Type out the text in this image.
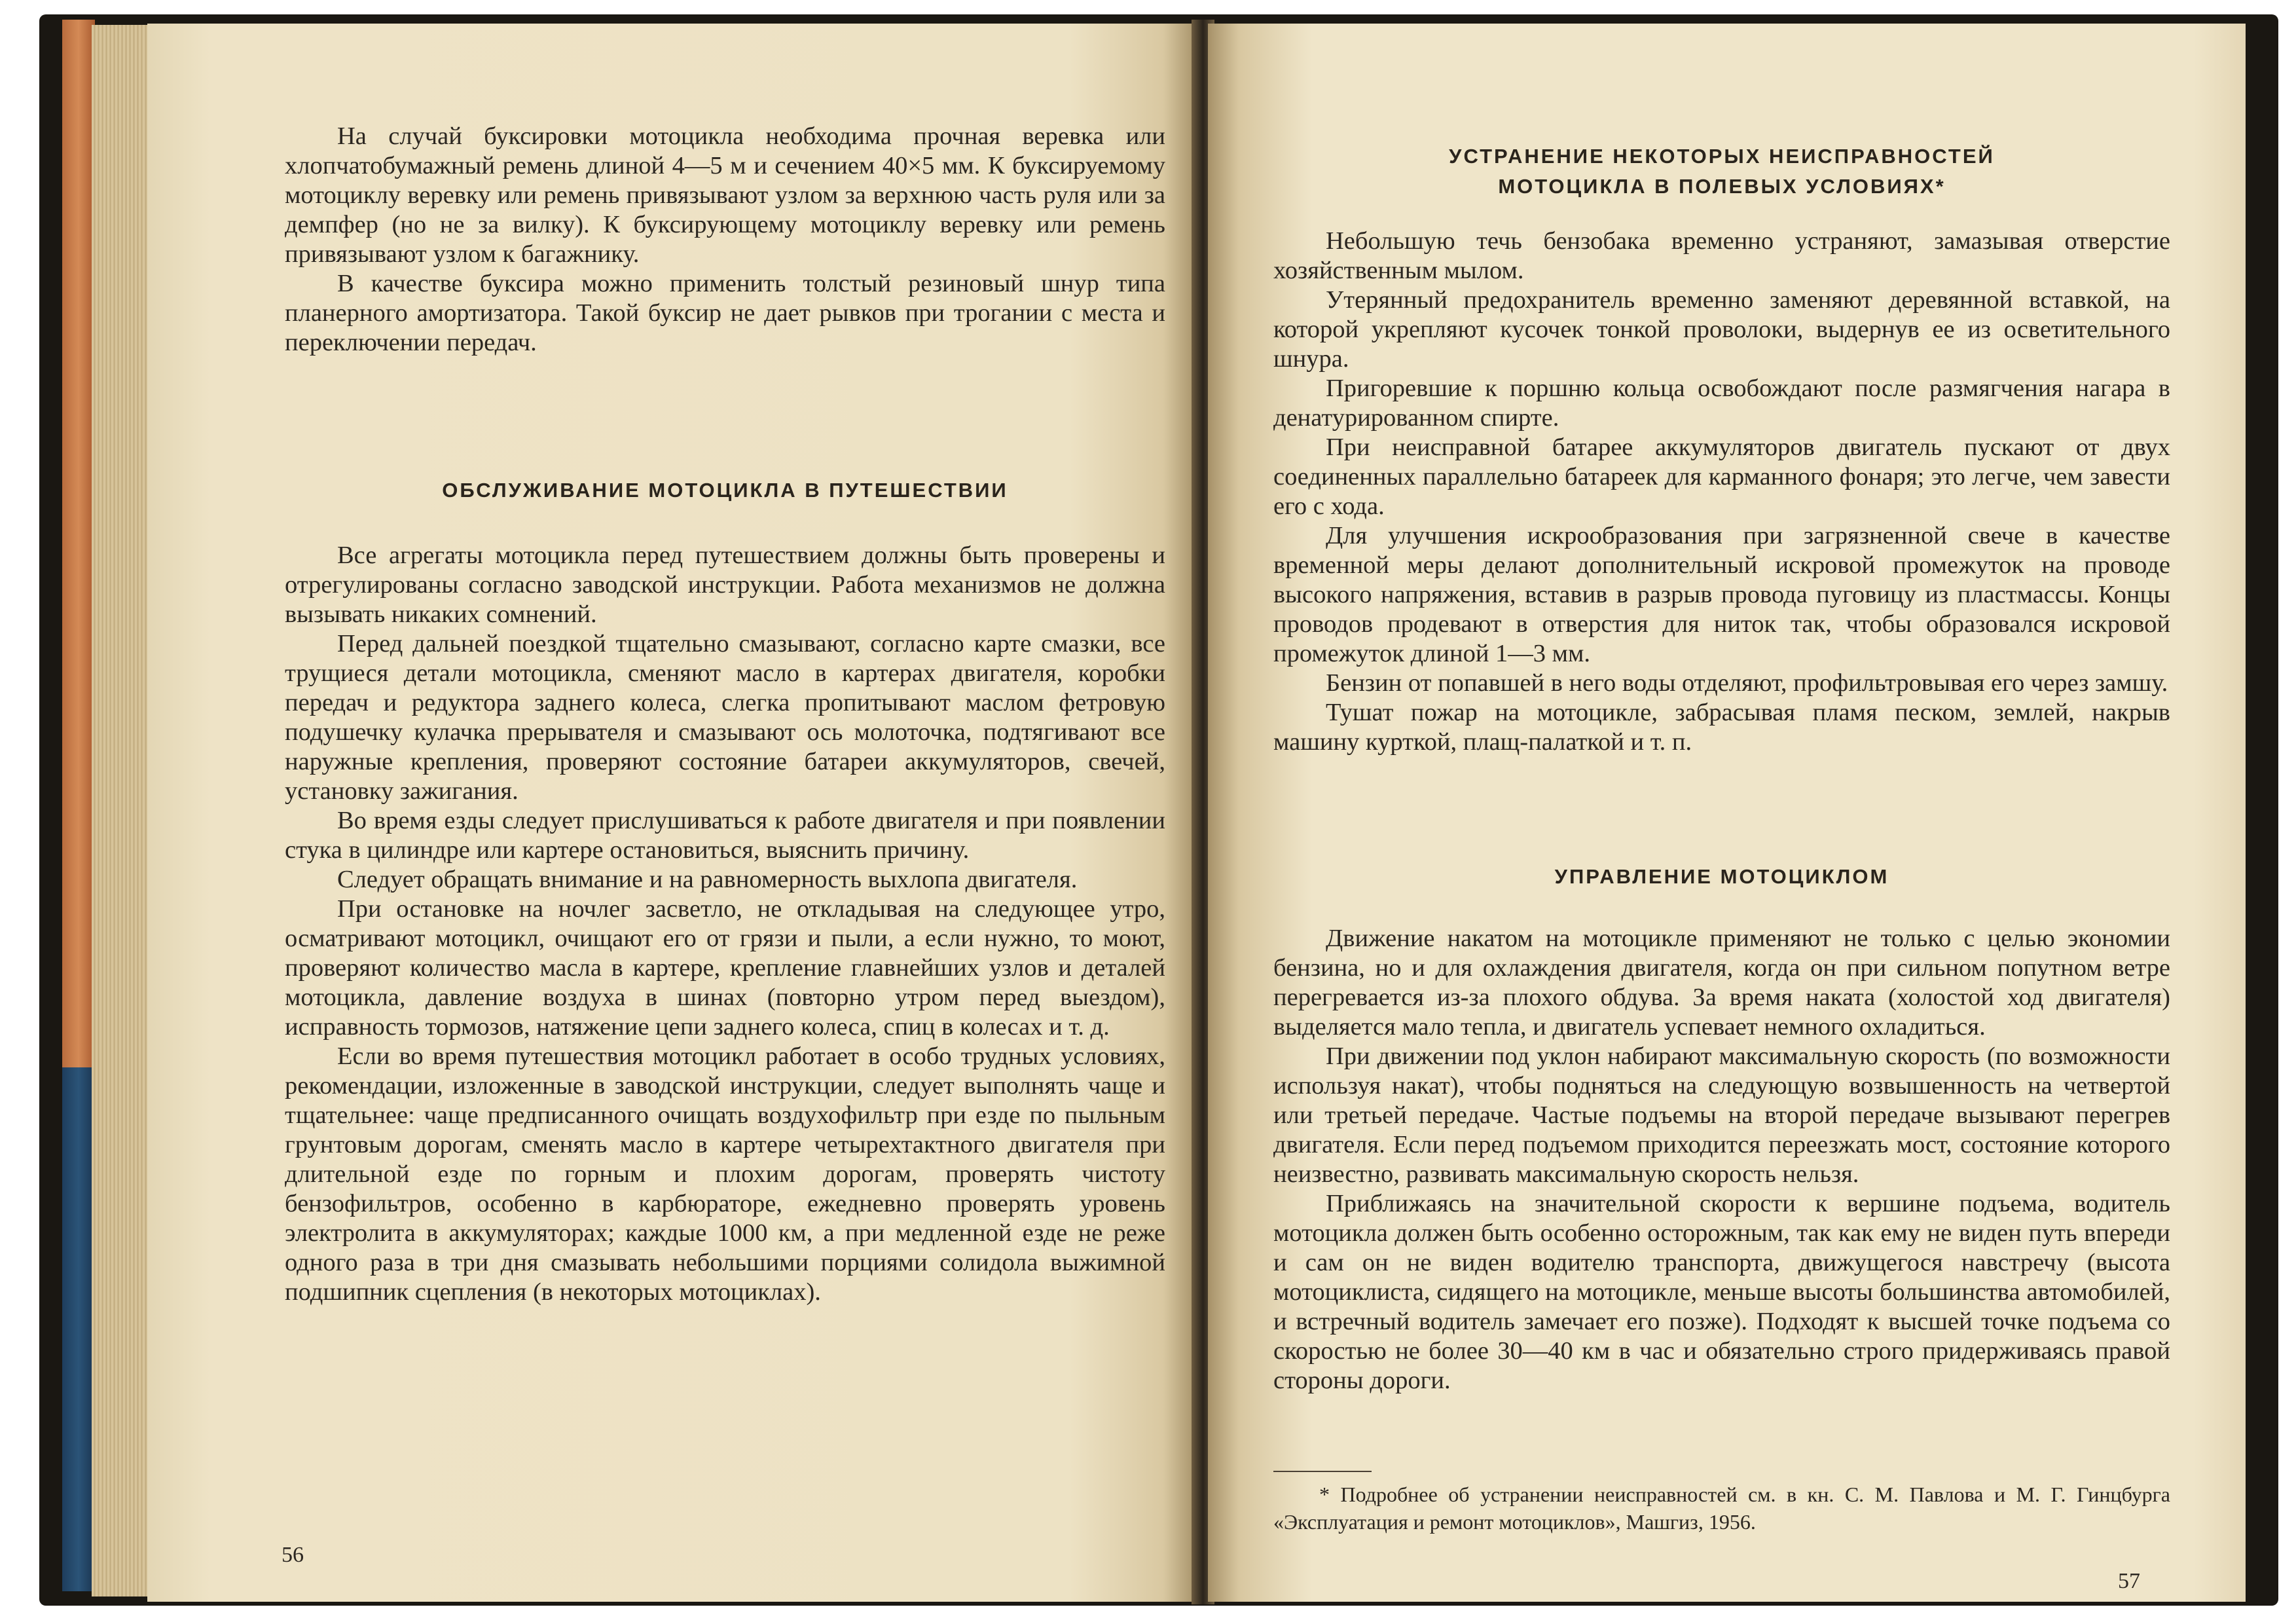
На случай буксировки мотоцикла необходима прочная веревка или хлопчатобумажный ремень длиной 4—5 м и сечением 40×5 мм. К буксируемому мотоциклу веревку или ремень привязывают узлом за верхнюю часть руля или за демпфер (но не за вилку). К буксирующему мотоциклу веревку или ремень привязывают узлом к багажнику.

В качестве буксира можно применить толстый резиновый шнур типа планерного амортизатора. Такой буксир не дает рывков при трогании с места и переключении передач.

ОБСЛУЖИВАНИЕ МОТОЦИКЛА В ПУТЕШЕСТВИИ

Все агрегаты мотоцикла перед путешествием должны быть проверены и отрегулированы согласно заводской инструкции. Работа механизмов не должна вызывать никаких сомнений.

Перед дальней поездкой тщательно смазывают, согласно карте смазки, все трущиеся детали мотоцикла, сменяют масло в картерах двигателя, коробки передач и редуктора заднего колеса, слегка пропитывают маслом фетровую подушечку кулачка прерывателя и смазывают ось молоточка, подтягивают все наружные крепления, проверяют состояние батареи аккумуляторов, свечей, установку зажигания.

Во время езды следует прислушиваться к работе двигателя и при появлении стука в цилиндре или картере остановиться, выяснить причину.

Следует обращать внимание и на равномерность выхлопа двигателя.

При остановке на ночлег засветло, не откладывая на следующее утро, осматривают мотоцикл, очищают его от грязи и пыли, а если нужно, то моют, проверяют количество масла в картере, крепление главнейших узлов и деталей мотоцикла, давление воздуха в шинах (повторно утром перед выездом), исправность тормозов, натяжение цепи заднего колеса, спиц в колесах и т. д.

Если во время путешествия мотоцикл работает в особо трудных условиях, рекомендации, изложенные в заводской инструкции, следует выполнять чаще и тщательнее: чаще предписанного очищать воздухофильтр при езде по пыльным грунтовым дорогам, сменять масло в картере четырехтактного двигателя при длительной езде по горным и плохим дорогам, проверять чистоту бензофильтров, особенно в карбюраторе, ежедневно проверять уровень электролита в аккумуляторах; каждые 1000 км, а при медленной езде не реже одного раза в три дня смазывать небольшими порциями солидола выжимной подшипник сцепления (в некоторых мотоциклах).

56
УСТРАНЕНИЕ НЕКОТОРЫХ НЕИСПРАВНОСТЕЙ
МОТОЦИКЛА В ПОЛЕВЫХ УСЛОВИЯХ*

Небольшую течь бензобака временно устраняют, замазывая отверстие хозяйственным мылом.

Утерянный предохранитель временно заменяют деревянной вставкой, на которой укрепляют кусочек тонкой проволоки, выдернув ее из осветительного шнура.

Пригоревшие к поршню кольца освобождают после размягчения нагара в денатурированном спирте.

При неисправной батарее аккумуляторов двигатель пускают от двух соединенных параллельно батареек для карманного фонаря; это легче, чем завести его с хода.

Для улучшения искрообразования при загрязненной свече в качестве временной меры делают дополнительный искровой промежуток на проводе высокого напряжения, вставив в разрыв провода пуговицу из пластмассы. Концы проводов продевают в отверстия для ниток так, чтобы образовался искровой промежуток длиной 1—3 мм.

Бензин от попавшей в него воды отделяют, профильтровывая его через замшу.

Тушат пожар на мотоцикле, забрасывая пламя песком, землей, накрыв машину курткой, плащ-палаткой и т. п.

УПРАВЛЕНИЕ МОТОЦИКЛОМ

Движение накатом на мотоцикле применяют не только с целью экономии бензина, но и для охлаждения двигателя, когда он при сильном попутном ветре перегревается из-за плохого обдува. За время наката (холостой ход двигателя) выделяется мало тепла, и двигатель успевает немного охладиться.

При движении под уклон набирают максимальную скорость (по возможности используя накат), чтобы подняться на следующую возвышенность на четвертой или третьей передаче. Частые подъемы на второй передаче вызывают перегрев двигателя. Если перед подъемом приходится переезжать мост, состояние которого неизвестно, развивать максимальную скорость нельзя.

Приближаясь на значительной скорости к вершине подъема, водитель мотоцикла должен быть особенно осторожным, так как ему не виден путь впереди и сам он не виден водителю транспорта, движущегося навстречу (высота мотоциклиста, сидящего на мотоцикле, меньше высоты большинства автомобилей, и встречный водитель замечает его позже). Подходят к высшей точке подъема со скоростью не более 30—40 км в час и обязательно строго придерживаясь правой стороны дороги.

* Подробнее об устранении неисправностей см. в кн. С. М. Павлова и М. Г. Гинцбурга «Эксплуатация и ремонт мотоциклов», Машгиз, 1956.

57
